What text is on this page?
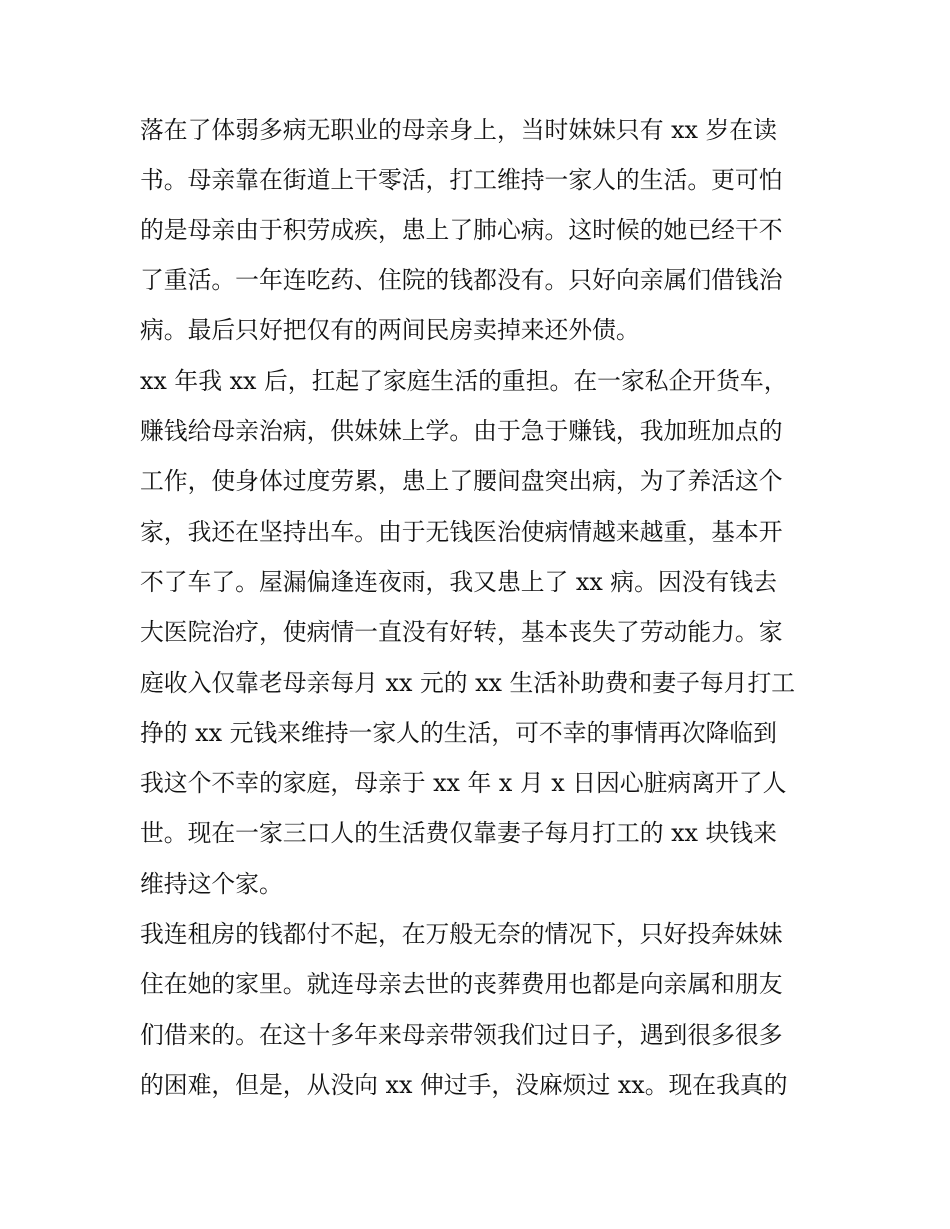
落在了体弱多病无职业的母亲身上，当时妹妹只有 xx 岁在读
书。母亲靠在街道上干零活，打工维持一家人的生活。更可怕
的是母亲由于积劳成疾，患上了肺心病。这时候的她已经干不
了重活。一年连吃药、住院的钱都没有。只好向亲属们借钱治
病。最后只好把仅有的两间民房卖掉来还外债。
xx 年我 xx 后，扛起了家庭生活的重担。在一家私企开货车，
赚钱给母亲治病，供妹妹上学。由于急于赚钱，我加班加点的
工作，使身体过度劳累，患上了腰间盘突出病，为了养活这个
家，我还在坚持出车。由于无钱医治使病情越来越重，基本开
不了车了。屋漏偏逢连夜雨，我又患上了 xx 病。因没有钱去
大医院治疗，使病情一直没有好转，基本丧失了劳动能力。家
庭收入仅靠老母亲每月 xx 元的 xx 生活补助费和妻子每月打工
挣的 xx 元钱来维持一家人的生活，可不幸的事情再次降临到
我这个不幸的家庭，母亲于 xx 年 x 月 x 日因心脏病离开了人
世。现在一家三口人的生活费仅靠妻子每月打工的 xx 块钱来
维持这个家。
我连租房的钱都付不起，在万般无奈的情况下，只好投奔妹妹
住在她的家里。就连母亲去世的丧葬费用也都是向亲属和朋友
们借来的。在这十多年来母亲带领我们过日子，遇到很多很多
的困难，但是，从没向 xx 伸过手，没麻烦过 xx。现在我真的
